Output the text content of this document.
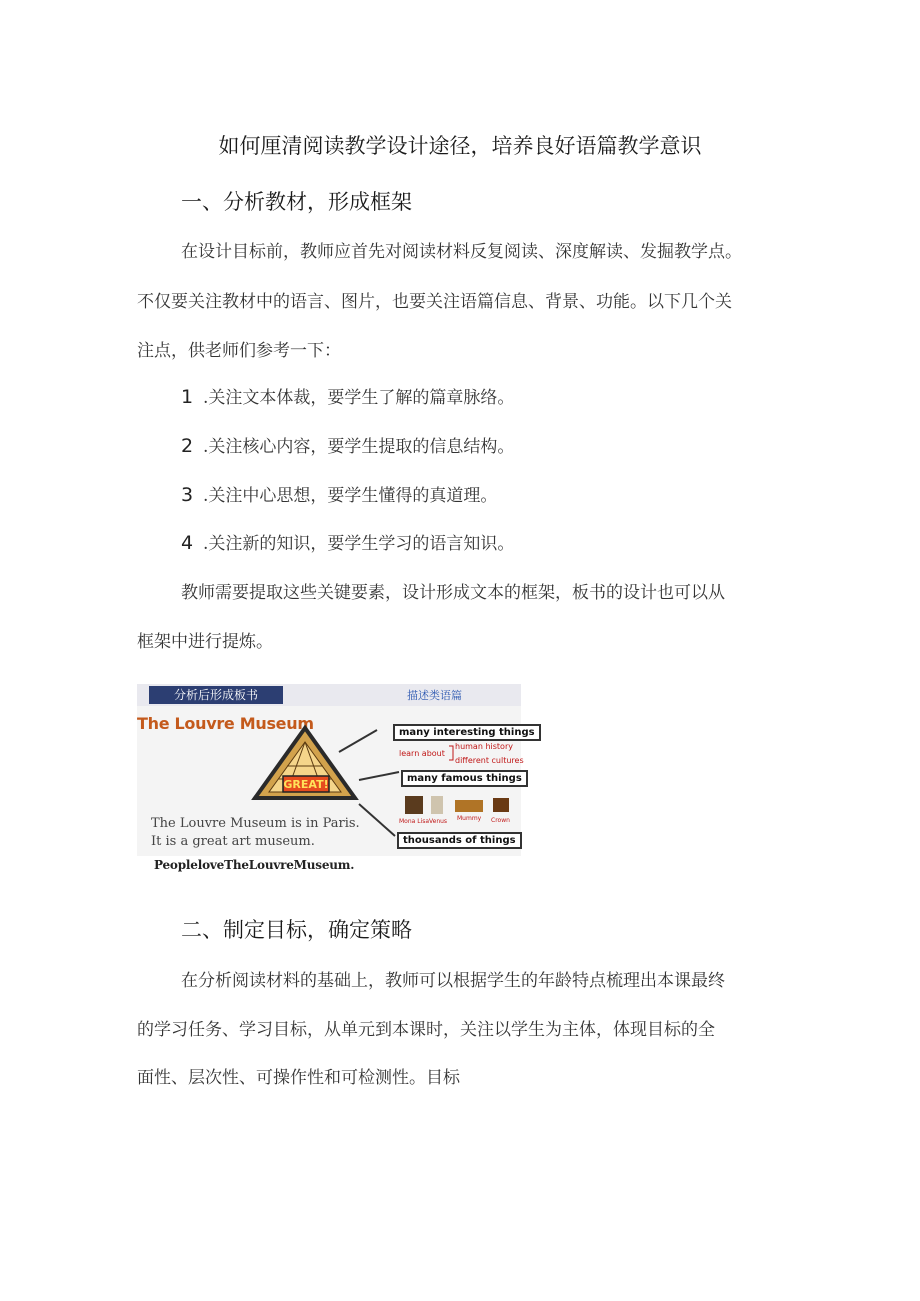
如何厘清阅读教学设计途径，培养良好语篇教学意识
一、分析教材，形成框架
在设计目标前，教师应首先对阅读材料反复阅读、深度解读、发掘教学点。
不仅要关注教材中的语言、图片，也要关注语篇信息、背景、功能。以下几个关
注点，供老师们参考一下：
1 .关注文本体裁，要学生了解的篇章脉络。
2 .关注核心内容，要学生提取的信息结构。
3 .关注中心思想，要学生懂得的真道理。
4 .关注新的知识，要学生学习的语言知识。
教师需要提取这些关键要素，设计形成文本的框架，板书的设计也可以从
框架中进行提炼。
分析后形成板书	描述类语篇
The Louvre Museum
GREAT!
many interesting things
learn about
human history
different cultures
many famous things
Mona Lisa Venus Mummy Crown
thousands of things
The Louvre Museum is in Paris.
It is a great art museum.
PeopleloveTheLouvreMuseum.
二、制定目标，确定策略
在分析阅读材料的基础上，教师可以根据学生的年龄特点梳理出本课最终
的学习任务、学习目标，从单元到本课时，关注以学生为主体，体现目标的全
面性、层次性、可操作性和可检测性。目标
